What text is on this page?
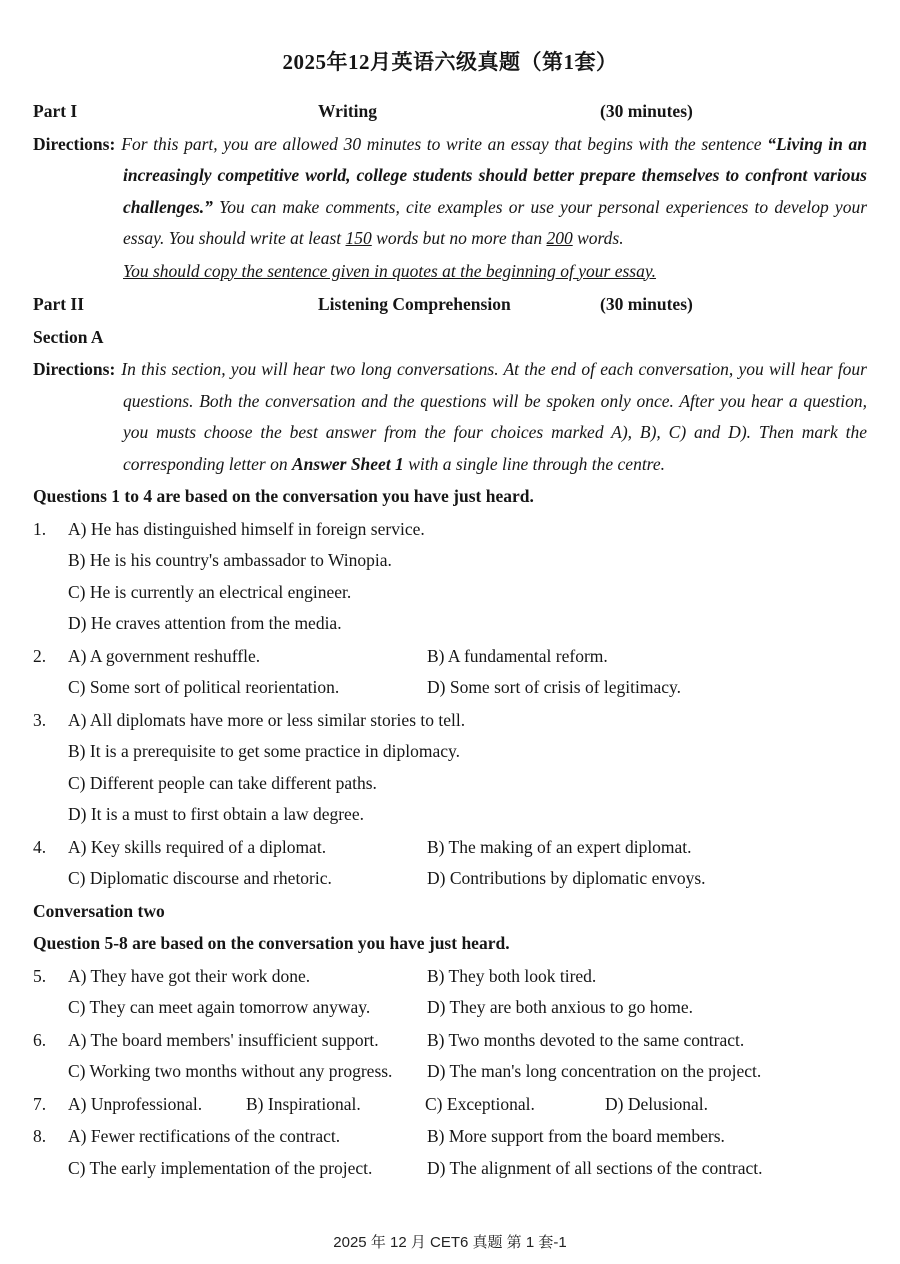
2025年12月英语六级真题（第1套）
Part I	Writing	(30 minutes)
Directions: For this part, you are allowed 30 minutes to write an essay that begins with the sentence “Living in an increasingly competitive world, college students should better prepare themselves to confront various challenges.” You can make comments, cite examples or use your personal experiences to develop your essay. You should write at least 150 words but no more than 200 words.
You should copy the sentence given in quotes at the beginning of your essay.
Part II	Listening Comprehension	(30 minutes)
Section A
Directions: In this section, you will hear two long conversations. At the end of each conversation, you will hear four questions. Both the conversation and the questions will be spoken only once. After you hear a question, you musts choose the best answer from the four choices marked A), B), C) and D). Then mark the corresponding letter on Answer Sheet 1 with a single line through the centre.
Questions 1 to 4 are based on the conversation you have just heard.
1.	A) He has distinguished himself in foreign service.
B) He is his country's ambassador to Winopia.
C) He is currently an electrical engineer.
D) He craves attention from the media.
2.	A) A government reshuffle.	B) A fundamental reform.
C) Some sort of political reorientation.	D) Some sort of crisis of legitimacy.
3.	A) All diplomats have more or less similar stories to tell.
B) It is a prerequisite to get some practice in diplomacy.
C) Different people can take different paths.
D) It is a must to first obtain a law degree.
4.	A) Key skills required of a diplomat.	B) The making of an expert diplomat.
C) Diplomatic discourse and rhetoric.	D) Contributions by diplomatic envoys.
Conversation two
Question 5-8 are based on the conversation you have just heard.
5.	A) They have got their work done.	B) They both look tired.
C) They can meet again tomorrow anyway.	D) They are both anxious to go home.
6.	A) The board members' insufficient support.	B) Two months devoted to the same contract.
C) Working two months without any progress.	D) The man's long concentration on the project.
7.	A) Unprofessional.	B) Inspirational.	C) Exceptional.	D) Delusional.
8.	A) Fewer rectifications of the contract.	B) More support from the board members.
C) The early implementation of the project.	D) The alignment of all sections of the contract.
2025 年 12 月 CET6 真题 第 1 套-1
